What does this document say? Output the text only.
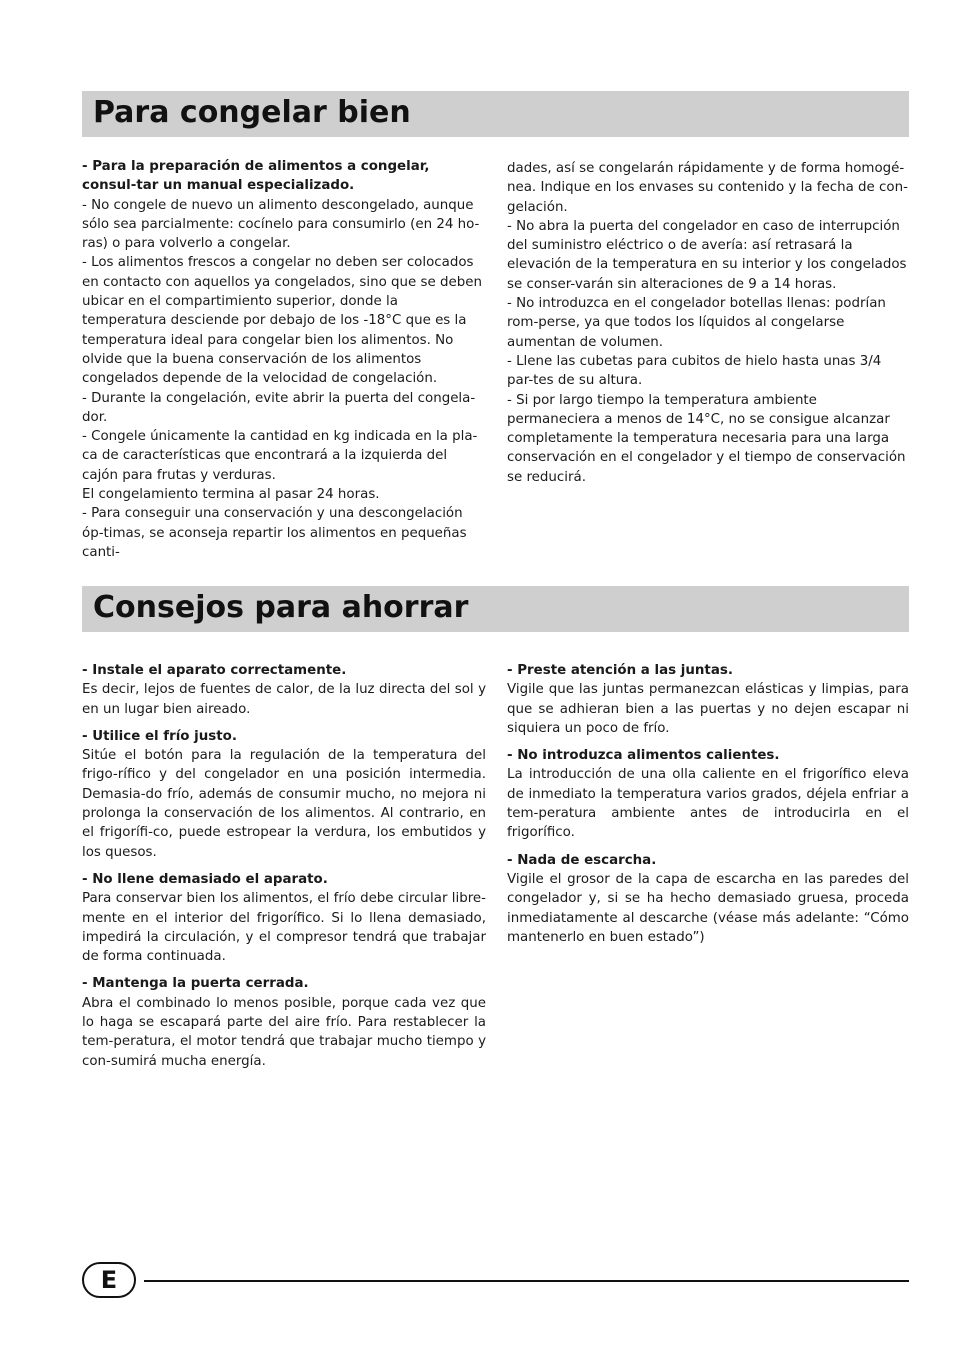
Para congelar bien

- Para la preparación de alimentos a congelar, consul-tar un manual especializado.

- No congele de nuevo un alimento descongelado, aunque sólo sea parcialmente: cocínelo para consumirlo (en 24 ho-ras) o para volverlo a congelar.

- Los alimentos frescos a congelar no deben ser colocados en contacto con aquellos ya congelados, sino que se deben ubicar en el compartimiento superior, donde la temperatura desciende por debajo de los -18°C que es la temperatura ideal para congelar bien los alimentos. No olvide que la buena conservación de los alimentos congelados depende de la velocidad de congelación.

- Durante la congelación, evite abrir la puerta del congela-dor.

- Congele únicamente la cantidad en kg indicada en la pla-ca de características que encontrará a la izquierda del cajón para frutas y verduras.

El congelamiento termina al pasar 24 horas.

- Para conseguir una conservación y una descongelación óp-timas, se aconseja repartir los alimentos en pequeñas canti-

dades, así se congelarán rápidamente y de forma homogé-nea. Indique en los envases su contenido y la fecha de con-gelación.

- No abra la puerta del congelador en caso de interrupción del suministro eléctrico o de avería: así retrasará la elevación de la temperatura en su interior y los congelados se conser-varán sin alteraciones de 9 a 14 horas.

- No introduzca en el congelador botellas llenas: podrían rom-perse, ya que todos los líquidos al congelarse aumentan de volumen.

- Llene las cubetas para cubitos de hielo hasta unas 3/4 par-tes de su altura.

- Si por largo tiempo la temperatura ambiente permaneciera a menos de 14°C, no se consigue alcanzar completamente la temperatura necesaria para una larga conservación en el congelador y el tiempo de conservación se reducirá.

Consejos para ahorrar

- Instale el aparato correctamente.

Es decir, lejos de fuentes de calor, de la luz directa del sol y en un lugar bien aireado.

- Utilice el frío justo.

Sitúe el botón para la regulación de la temperatura del frigo-rífico y del congelador en una posición intermedia. Demasia-do frío, además de consumir mucho, no mejora ni prolonga la conservación de los alimentos. Al contrario, en el frigorífi-co, puede estropear la verdura, los embutidos y los quesos.

- No llene demasiado el aparato.

Para conservar bien los alimentos, el frío debe circular libre-mente en el interior del frigorífico. Si lo llena demasiado, impedirá la circulación, y el compresor tendrá que trabajar de forma continuada.

- Mantenga la puerta cerrada.

Abra el combinado lo menos posible, porque cada vez que lo haga se escapará parte del aire frío. Para restablecer la tem-peratura, el motor tendrá que trabajar mucho tiempo y con-sumirá mucha energía.

- Preste atención a las juntas.

Vigile que las juntas permanezcan elásticas y limpias, para que se adhieran bien a las puertas y no dejen escapar ni siquiera un poco de frío.

- No introduzca alimentos calientes.

La introducción de una olla caliente en el frigorífico eleva de inmediato la temperatura varios grados, déjela enfriar a tem-peratura ambiente antes de introducirla en el frigorífico.

- Nada de escarcha.

Vigile el grosor de la capa de escarcha en las paredes del congelador y, si se ha hecho demasiado gruesa, proceda inmediatamente al descarche (véase más adelante: “Cómo mantenerlo en buen estado”)

E
